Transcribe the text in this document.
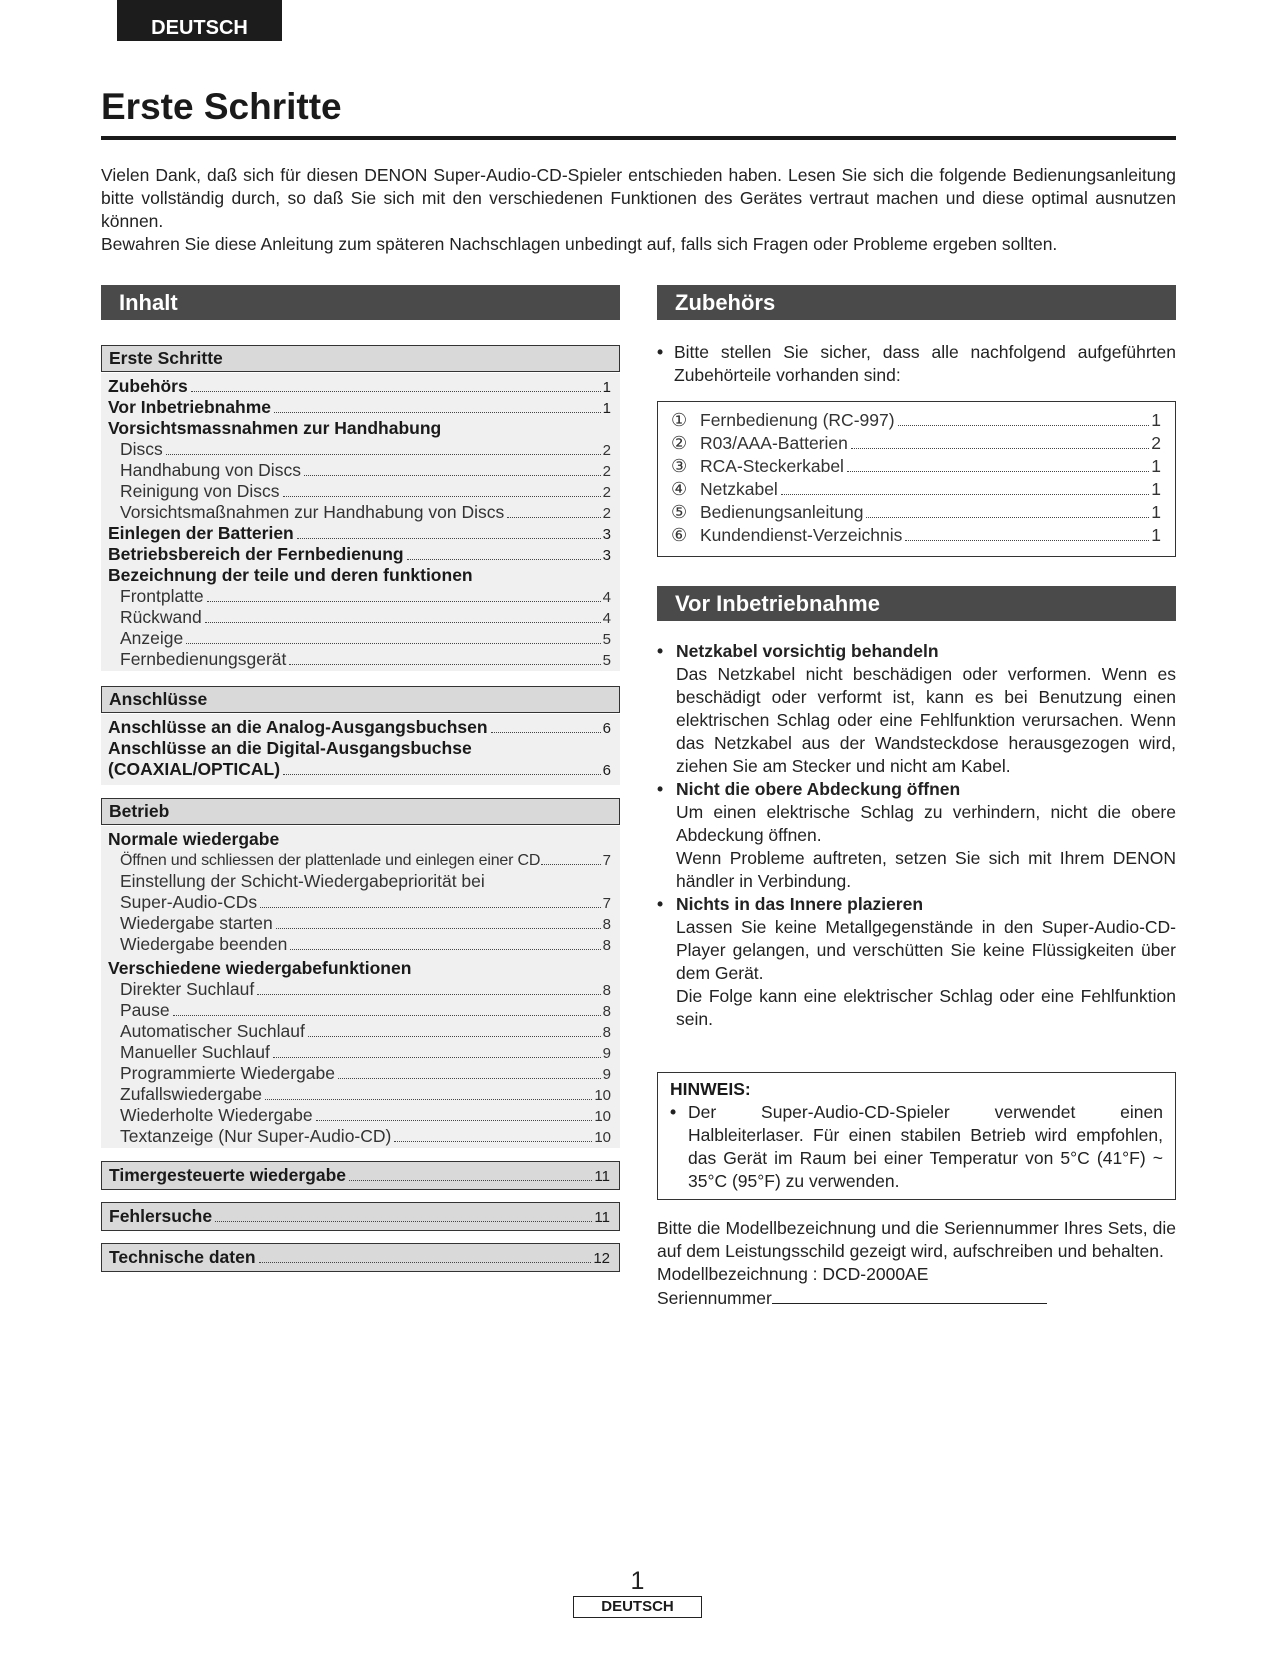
DEUTSCH
Erste Schritte

Vielen Dank, daß sich für diesen DENON Super-Audio-CD-Spieler entschieden haben. Lesen Sie sich die folgende Bedienungsanleitung bitte vollständig durch, so daß Sie sich mit den verschiedenen Funktionen des Gerätes vertraut machen und diese optimal ausnutzen können.

Bewahren Sie diese Anleitung zum späteren Nachschlagen unbedingt auf, falls sich Fragen oder Probleme ergeben sollten.

Inhalt
Erste Schritte
Zubehörs	1
Vor Inbetriebnahme	1
Vorsichtsmassnahmen zur Handhabung
Discs	2
Handhabung von Discs	2
Reinigung von Discs	2
Vorsichtsmaßnahmen zur Handhabung von Discs	2
Einlegen der Batterien	3
Betriebsbereich der Fernbedienung	3
Bezeichnung der teile und deren funktionen
Frontplatte	4
Rückwand	4
Anzeige	5
Fernbedienungsgerät	5
Anschlüsse
Anschlüsse an die Analog-Ausgangsbuchsen	6
Anschlüsse an die Digital-Ausgangsbuchse
(COAXIAL/OPTICAL)	6
Betrieb
Normale wiedergabe
Öffnen und schliessen der plattenlade und einlegen einer CD	7
Einstellung der Schicht-Wiedergabepriorität bei
Super-Audio-CDs	7
Wiedergabe starten	8
Wiedergabe beenden	8
Verschiedene wiedergabefunktionen
Direkter Suchlauf	8
Pause	8
Automatischer Suchlauf	8
Manueller Suchlauf	9
Programmierte Wiedergabe	9
Zufallswiedergabe	10
Wiederholte Wiedergabe	10
Textanzeige (Nur Super-Audio-CD)	10
Timergesteuerte wiedergabe	11
Fehlersuche	11
Technische daten	12
Zubehörs
• Bitte stellen Sie sicher, dass alle nachfolgend aufgeführten Zubehörteile vorhanden sind:
① Fernbedienung (RC-997)	1
② R03/AAA-Batterien	2
③ RCA-Steckerkabel	1
④ Netzkabel	1
⑤ Bedienungsanleitung	1
⑥ Kundendienst-Verzeichnis	1
Vor Inbetriebnahme
• Netzkabel vorsichtig behandeln

Das Netzkabel nicht beschädigen oder verformen. Wenn es beschädigt oder verformt ist, kann es bei Benutzung einen elektrischen Schlag oder eine Fehlfunktion verursachen. Wenn das Netzkabel aus der Wandsteckdose herausgezogen wird, ziehen Sie am Stecker und nicht am Kabel.

• Nicht die obere Abdeckung öffnen

Um einen elektrische Schlag zu verhindern, nicht die obere Abdeckung öffnen.

Wenn Probleme auftreten, setzen Sie sich mit Ihrem DENON händler in Verbindung.

• Nichts in das Innere plazieren

Lassen Sie keine Metallgegenstände in den Super-Audio-CD-Player gelangen, und verschütten Sie keine Flüssigkeiten über dem Gerät.

Die Folge kann eine elektrischer Schlag oder eine Fehlfunktion sein.

HINWEIS:
• Der Super-Audio-CD-Spieler verwendet einen Halbleiterlaser. Für einen stabilen Betrieb wird empfohlen, das Gerät im Raum bei einer Temperatur von 5°C (41°F) ~ 35°C (95°F) zu verwenden.

Bitte die Modellbezeichnung und die Seriennummer Ihres Sets, die auf dem Leistungsschild gezeigt wird, aufschreiben und behalten.

Modellbezeichnung : DCD-2000AE

Seriennummer

1
DEUTSCH
